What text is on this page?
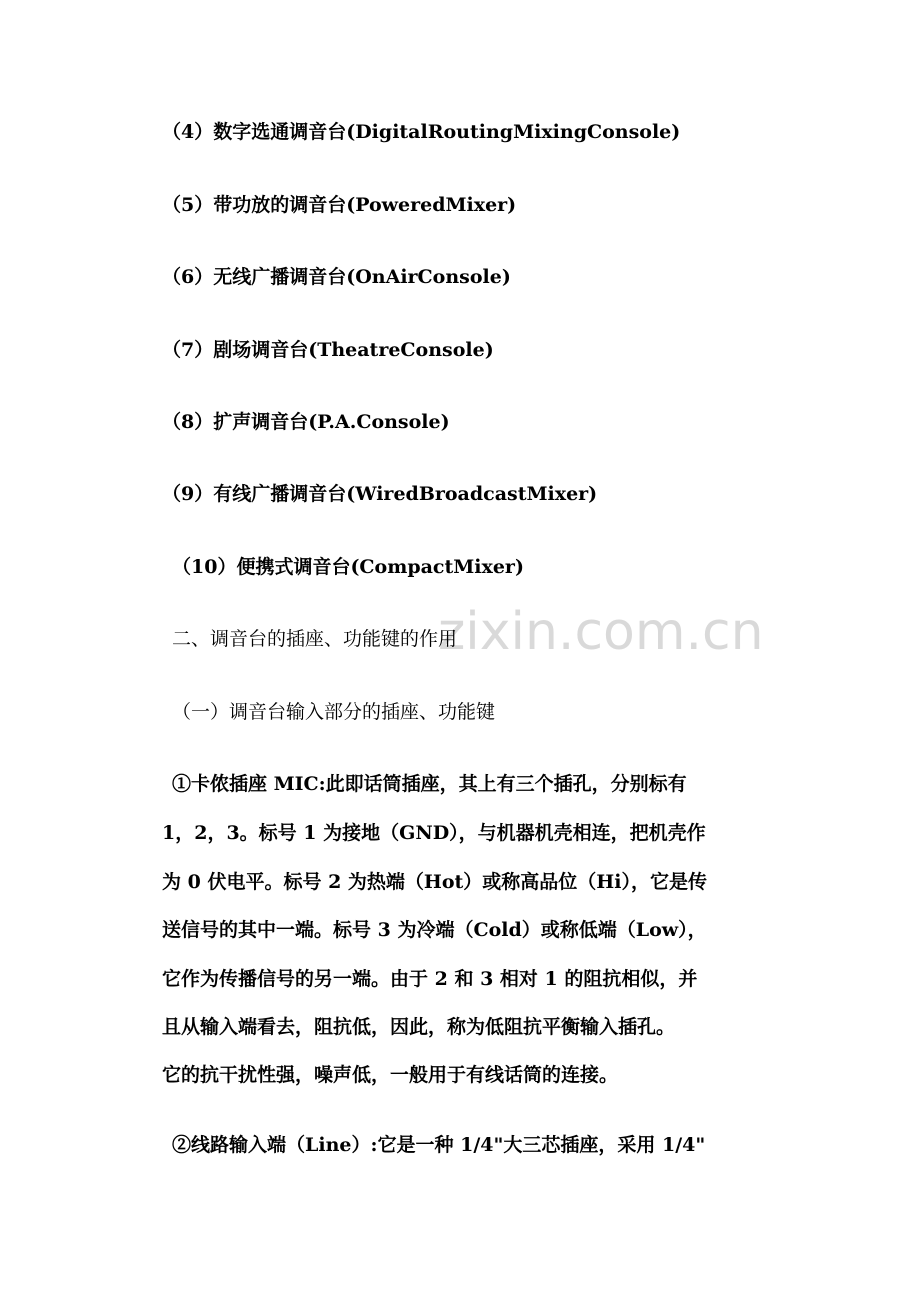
zixin.com.cn
（4）数字选通调音台(DigitalRoutingMixingConsole)
（5）带功放的调音台(PoweredMixer)
（6）无线广播调音台(OnAirConsole)
（7）剧场调音台(TheatreConsole)
（8）扩声调音台(P.A.Console)
（9）有线广播调音台(WiredBroadcastMixer)
（10）便携式调音台(CompactMixer)
二、调音台的插座、功能键的作用
（一）调音台输入部分的插座、功能键
①卡侬插座 MIC:此即话筒插座，其上有三个插孔，分别标有
1，2，3。标号 1 为接地（GND），与机器机壳相连，把机壳作
为 0 伏电平。标号 2 为热端（Hot）或称高品位（Hi），它是传
送信号的其中一端。标号 3 为冷端（Cold）或称低端（Low），
它作为传播信号的另一端。由于 2 和 3 相对 1 的阻抗相似，并
且从输入端看去，阻抗低，因此，称为低阻抗平衡输入插孔。
它的抗干扰性强，噪声低，一般用于有线话筒的连接。
②线路输入端（Line）:它是一种 1/4"大三芯插座，采用 1/4"
